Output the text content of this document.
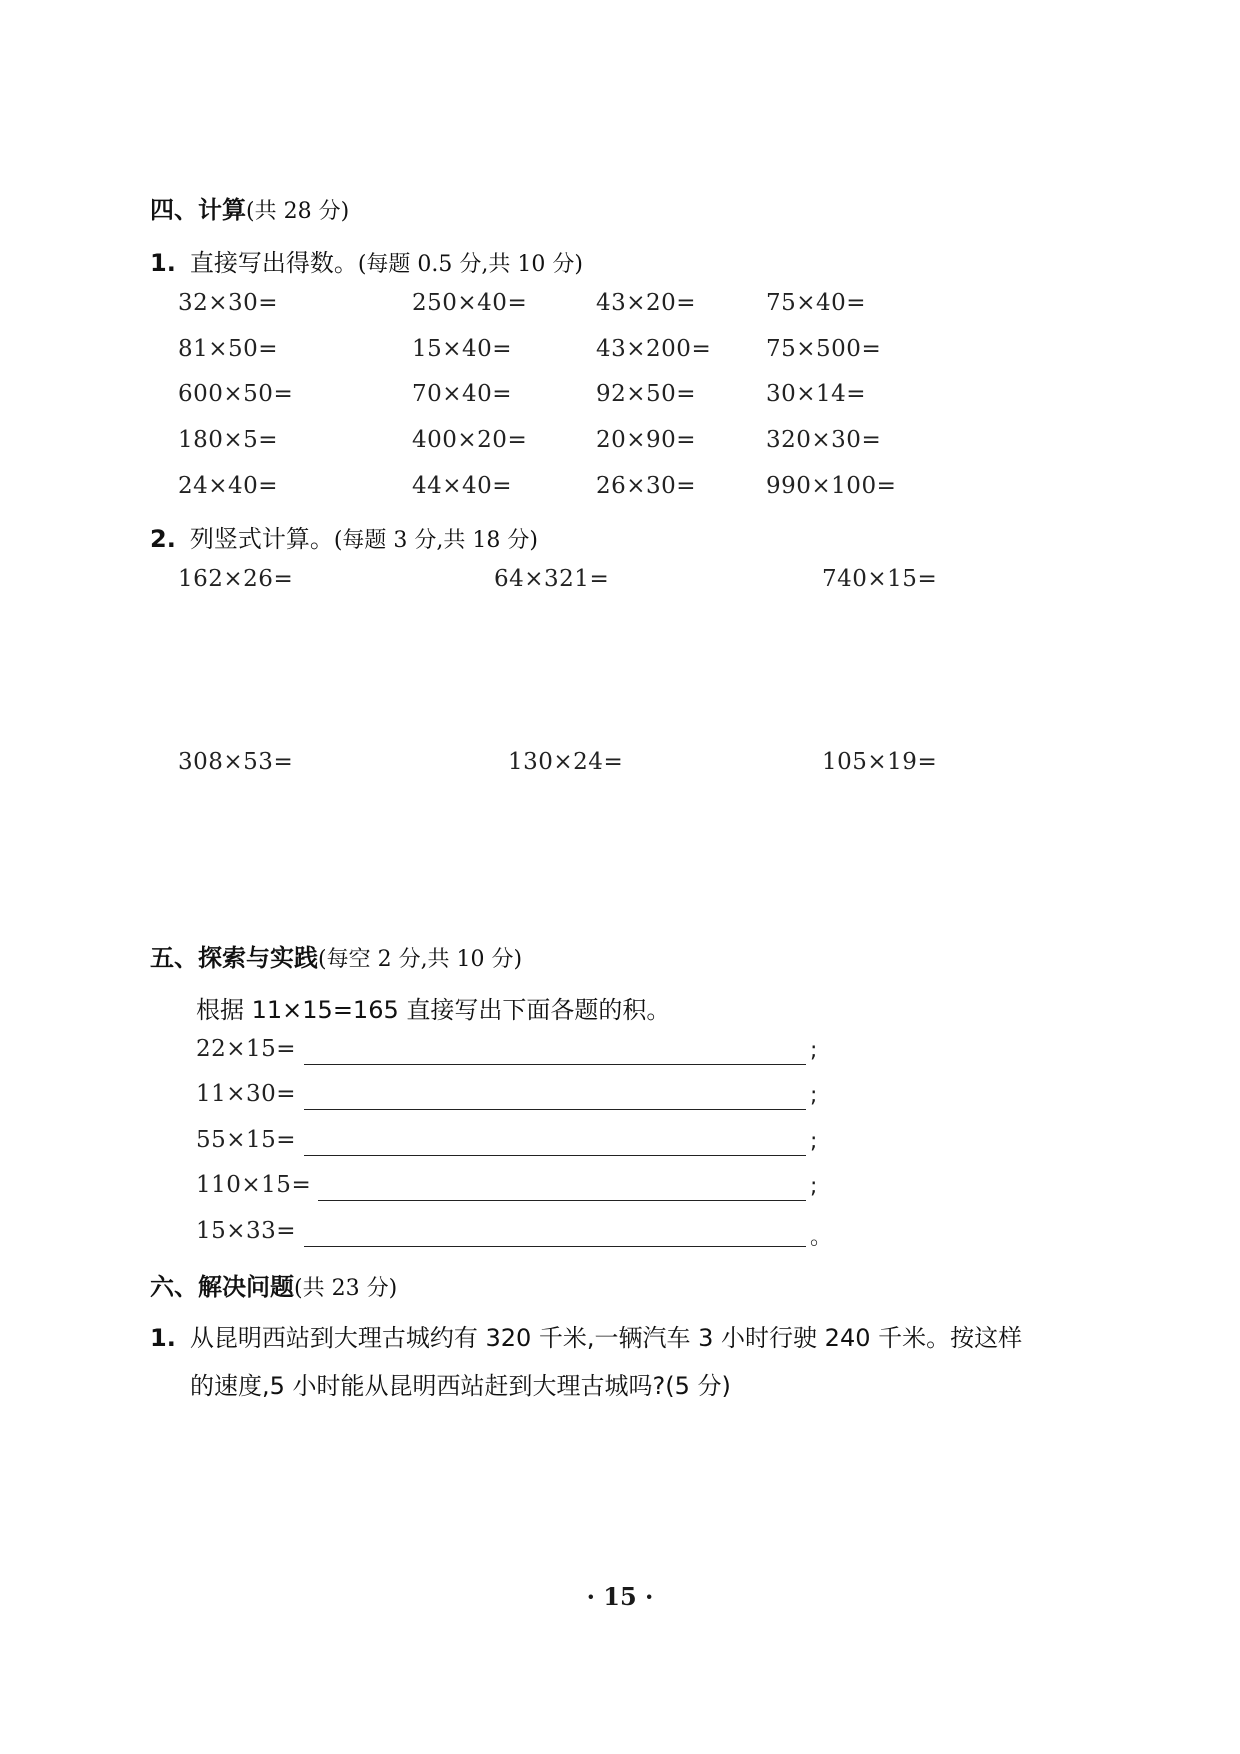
四、计算(共 28 分)
1. 直接写出得数。(每题 0.5 分,共 10 分)
32×30=	250×40=	43×20=	75×40=
81×50=	15×40=	43×200= 75×500=
600×50=	70×40=	92×50=	30×14=
180×5=	400×20=	20×90=	320×30=
24×40=	44×40=	26×30=	990×100=
2. 列竖式计算。(每题 3 分,共 18 分)
162×26=	64×321=	740×15=
308×53=	130×24=	105×19=
五、探索与实践(每空 2 分,共 10 分)
根据 11×15=165 直接写出下面各题的积。
22×15=	;
11×30=	;
55×15=	;
110×15=	;
15×33=	。
六、解决问题(共 23 分)
1. 从昆明西站到大理古城约有 320 千米,一辆汽车 3 小时行驶 240 千米。按这样
的速度,5 小时能从昆明西站赶到大理古城吗?(5 分)
· 15 ·
